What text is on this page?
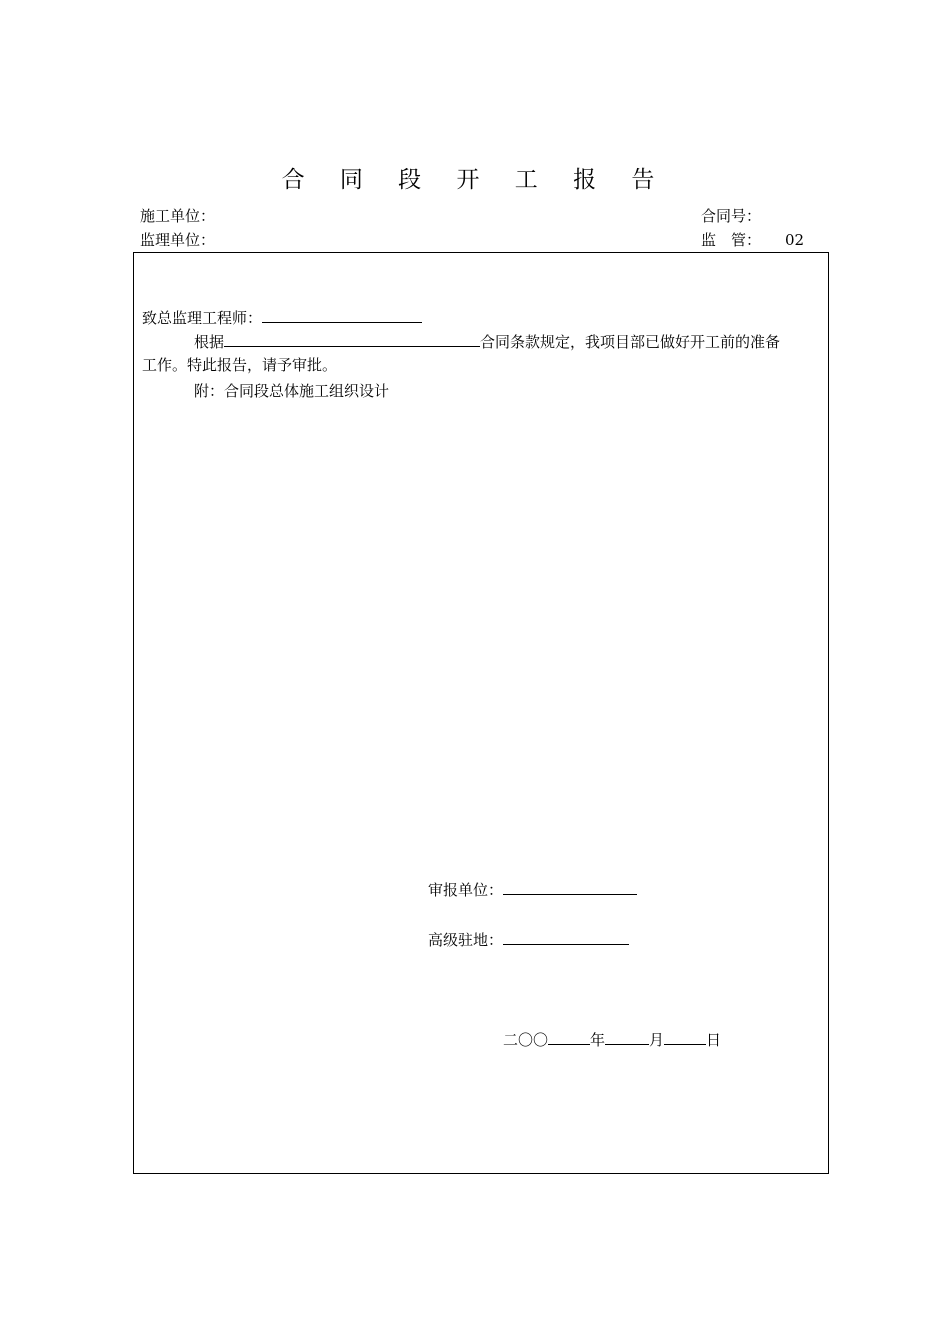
合 同 段 开 工 报 告
施工单位：	合同号：
监理单位：	监　管： 02
致总监理工程师：
根据	合同条款规定，我项目部已做好开工前的准备
工作。特此报告，请予审批。
附：合同段总体施工组织设计
审报单位：
高级驻地：
二〇〇	年	月	日
